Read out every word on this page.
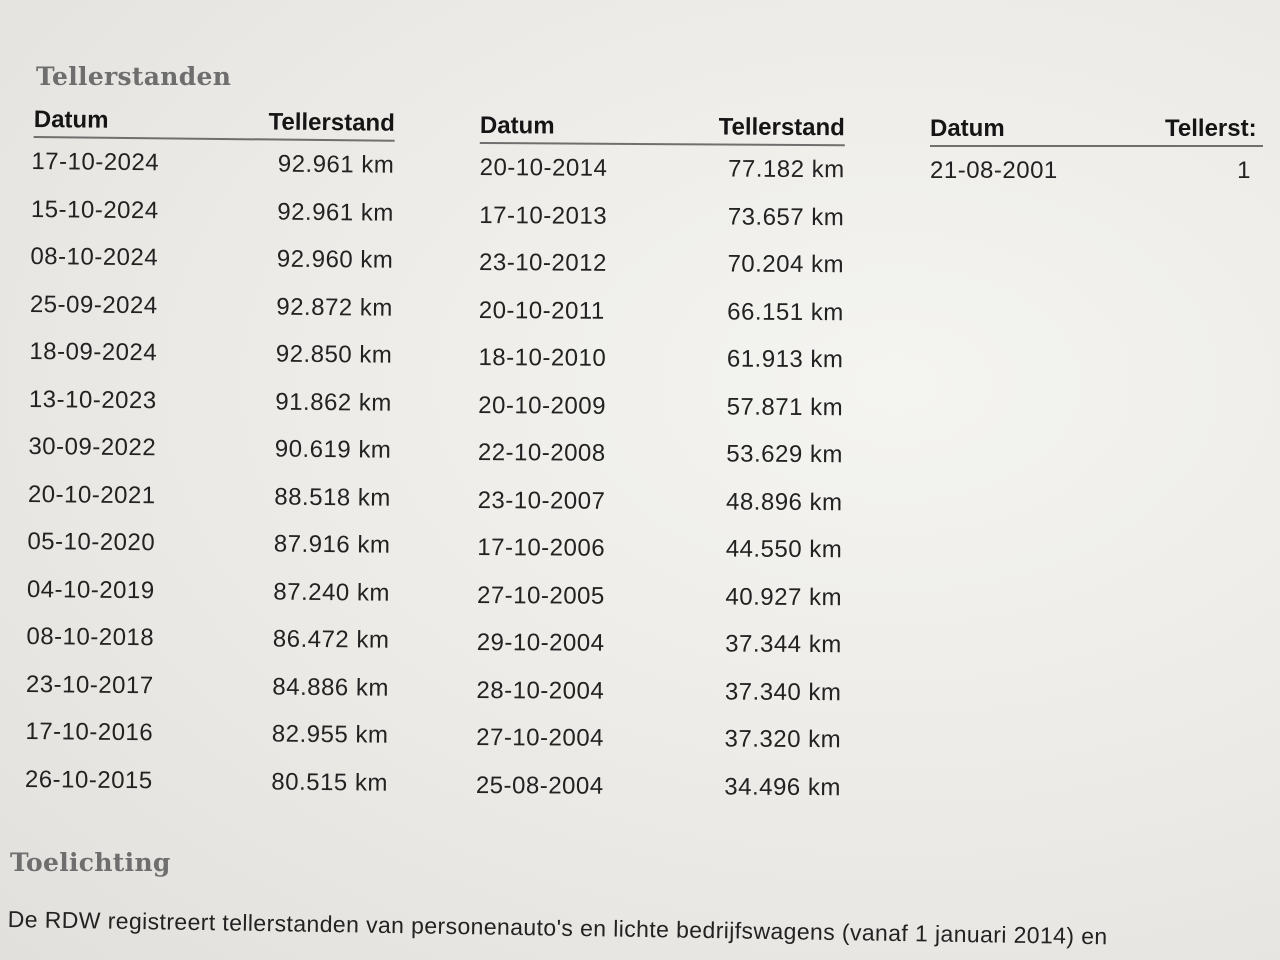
Tellerstanden
Datum	Tellerstand
17-10-2024	92.961 km
15-10-2024	92.961 km
08-10-2024	92.960 km
25-09-2024	92.872 km
18-09-2024	92.850 km
13-10-2023	91.862 km
30-09-2022	90.619 km
20-10-2021	88.518 km
05-10-2020	87.916 km
04-10-2019	87.240 km
08-10-2018	86.472 km
23-10-2017	84.886 km
17-10-2016	82.955 km
26-10-2015	80.515 km
Datum	Tellerstand
20-10-2014	77.182 km
17-10-2013	73.657 km
23-10-2012	70.204 km
20-10-2011	66.151 km
18-10-2010	61.913 km
20-10-2009	57.871 km
22-10-2008	53.629 km
23-10-2007	48.896 km
17-10-2006	44.550 km
27-10-2005	40.927 km
29-10-2004	37.344 km
28-10-2004	37.340 km
27-10-2004	37.320 km
25-08-2004	34.496 km
Datum	Tellerst:
21-08-2001	1
Toelichting
De RDW registreert tellerstanden van personenauto's en lichte bedrijfswagens (vanaf 1 januari 2014) en
